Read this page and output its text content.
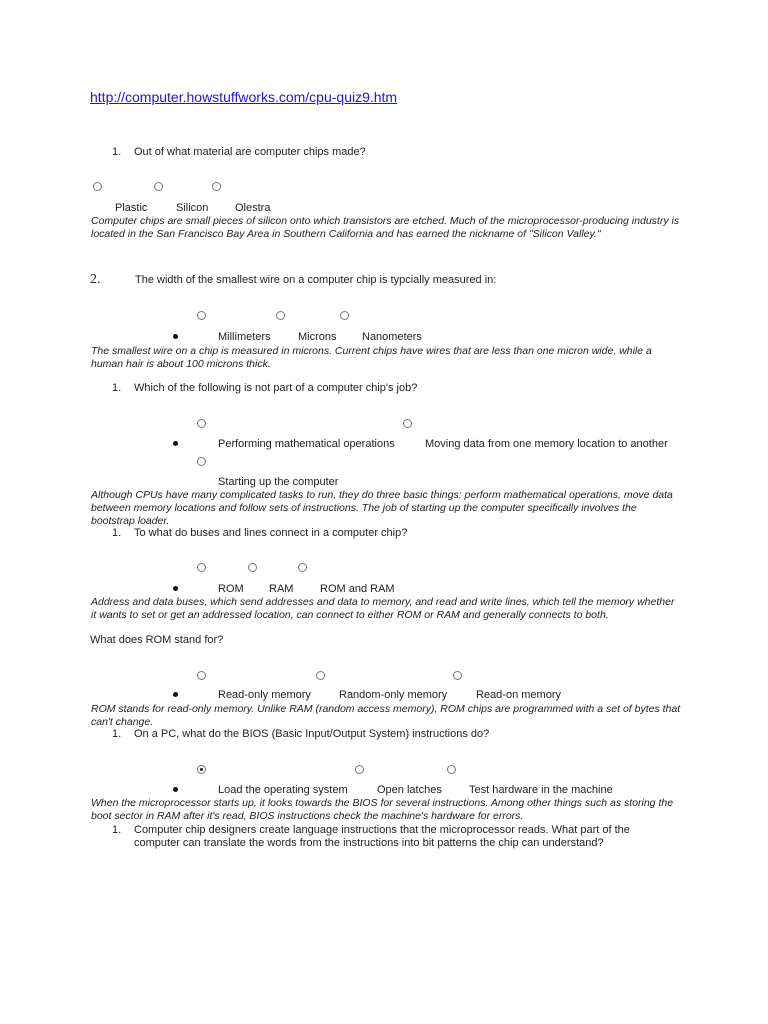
http://computer.howstuffworks.com/cpu-quiz9.htm
1. Out of what material are computer chips made?
Plastic	Silicon Olestra
Computer chips are small pieces of silicon onto which transistors are etched. Much of the microprocessor-producing industry is located in the San Francisco Bay Area in Southern California and has earned the nickname of "Silicon Valley."
2.	The width of the smallest wire on a computer chip is typcially measured in:
Millimeters Microns Nanometers
The smallest wire on a chip is measured in microns. Current chips have wires that are less than one micron wide, while a human hair is about 100 microns thick.
1. Which of the following is not part of a computer chip's job?
Performing mathematical operations	Moving data from one memory location to another
Starting up the computer
Although CPUs have many complicated tasks to run, they do three basic things: perform mathematical operations, move data between memory locations and follow sets of instructions. The job of starting up the computer specifically involves the bootstrap loader.
1. To what do buses and lines connect in a computer chip?
ROM RAM ROM and RAM
Address and data buses, which send addresses and data to memory, and read and write lines, which tell the memory whether it wants to set or get an addressed location, can connect to either ROM or RAM and generally connects to both.
What does ROM stand for?
Read-only memory	Random-only memory	Read-on memory
ROM stands for read-only memory. Unlike RAM (random access memory), ROM chips are programmed with a set of bytes that can't change.
1. On a PC, what do the BIOS (Basic Input/Output System) instructions do?
Load the operating system	Open latches Test hardware in the machine
When the microprocessor starts up, it looks towards the BIOS for several instructions. Among other things such as storing the boot sector in RAM after it's read, BIOS instructions check the machine's hardware for errors.
1. Computer chip designers create language instructions that the microprocessor reads. What part of the
computer can translate the words from the instructions into bit patterns the chip can understand?
